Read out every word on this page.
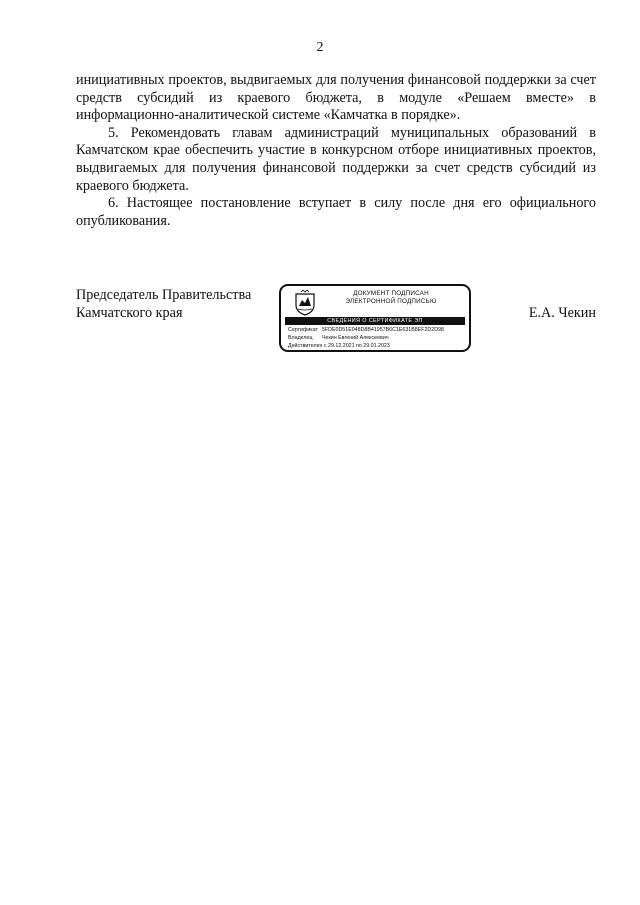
2

инициативных проектов, выдвигаемых для получения финансовой поддержки за счет средств субсидий из краевого бюджета, в модуле «Решаем вместе» в информационно-аналитической системе «Камчатка в порядке».

5. Рекомендовать главам администраций муниципальных образований в Камчатском крае обеспечить участие в конкурсном отборе инициативных проектов, выдвигаемых для получения финансовой поддержки за счет средств субсидий из краевого бюджета.

6. Настоящее постановление вступает в силу после дня его официального опубликования.

Председатель Правительства
Камчатского края
ДОКУМЕНТ ПОДПИСАН
ЭЛЕКТРОННОЙ ПОДПИСЬЮ
СВЕДЕНИЯ О СЕРТИФИКАТЕ ЭП
Сертификат 5FDE0D51E048D8B41957B6C1E631B8EF2D2D98
Владелец Чекин Евгений Алексеевич
Действителен с 29.12.2021 по 29.01.2023
Е.А. Чекин
